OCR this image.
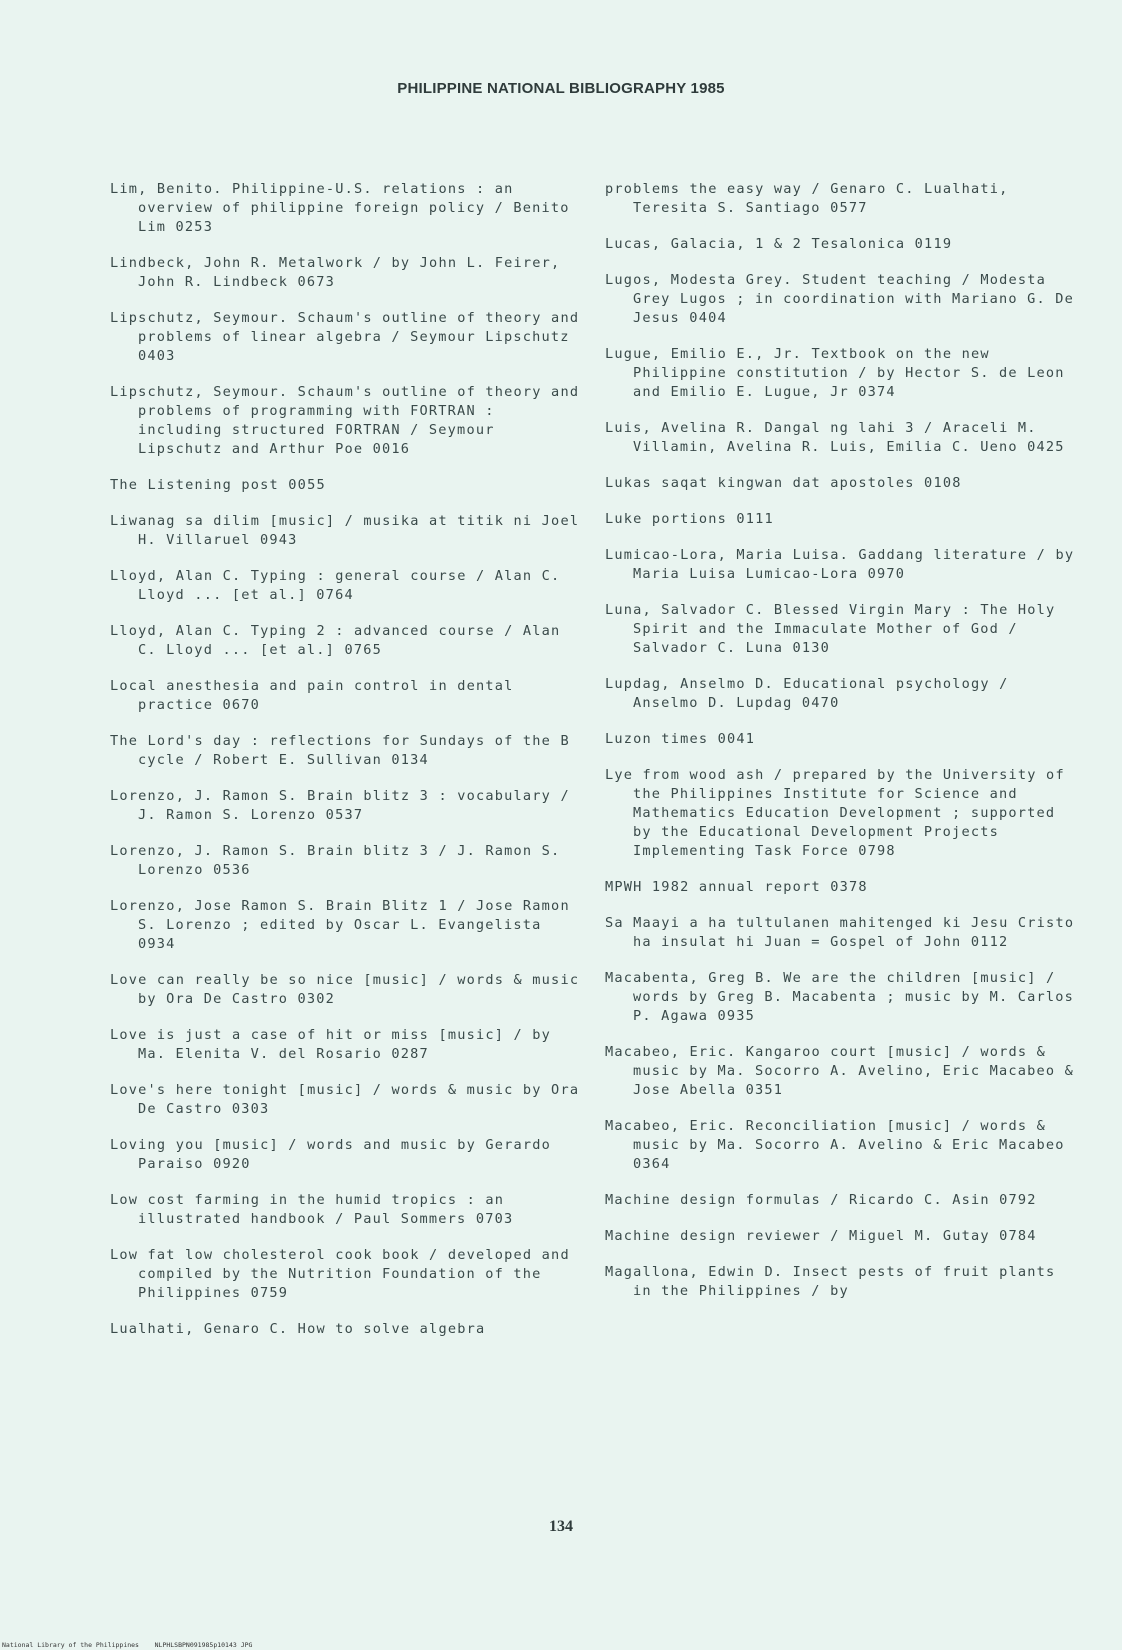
PHILIPPINE NATIONAL BIBLIOGRAPHY 1985
Lim, Benito. Philippine-U.S. relations : an overview of philippine foreign policy / Benito Lim 0253
Lindbeck, John R. Metalwork / by John L. Feirer, John R. Lindbeck 0673
Lipschutz, Seymour. Schaum's outline of theory and problems of linear algebra / Seymour Lipschutz 0403
Lipschutz, Seymour. Schaum's outline of theory and problems of programming with FORTRAN : including structured FORTRAN / Seymour Lipschutz and Arthur Poe 0016
The Listening post 0055
Liwanag sa dilim [music] / musika at titik ni Joel H. Villaruel 0943
Lloyd, Alan C. Typing : general course / Alan C. Lloyd ... [et al.] 0764
Lloyd, Alan C. Typing 2 : advanced course / Alan C. Lloyd ... [et al.] 0765
Local anesthesia and pain control in dental practice 0670
The Lord's day : reflections for Sundays of the B cycle / Robert E. Sullivan 0134
Lorenzo, J. Ramon S. Brain blitz 3 : vocabulary / J. Ramon S. Lorenzo 0537
Lorenzo, J. Ramon S. Brain blitz 3 / J. Ramon S. Lorenzo 0536
Lorenzo, Jose Ramon S. Brain Blitz 1 / Jose Ramon S. Lorenzo ; edited by Oscar L. Evangelista 0934
Love can really be so nice [music] / words & music by Ora De Castro 0302
Love is just a case of hit or miss [music] / by Ma. Elenita V. del Rosario 0287
Love's here tonight [music] / words & music by Ora De Castro 0303
Loving you [music] / words and music by Gerardo Paraiso 0920
Low cost farming in the humid tropics : an illustrated handbook / Paul Sommers 0703
Low fat low cholesterol cook book / developed and compiled by the Nutrition Foundation of the Philippines 0759
Lualhati, Genaro C. How to solve algebra
problems the easy way / Genaro C. Lualhati, Teresita S. Santiago 0577
Lucas, Galacia, 1 & 2 Tesalonica 0119
Lugos, Modesta Grey. Student teaching / Modesta Grey Lugos ; in coordination with Mariano G. De Jesus 0404
Lugue, Emilio E., Jr. Textbook on the new Philippine constitution / by Hector S. de Leon and Emilio E. Lugue, Jr 0374
Luis, Avelina R. Dangal ng lahi 3 / Araceli M. Villamin, Avelina R. Luis, Emilia C. Ueno 0425
Lukas saqat kingwan dat apostoles 0108
Luke portions 0111
Lumicao-Lora, Maria Luisa. Gaddang literature / by Maria Luisa Lumicao-Lora 0970
Luna, Salvador C. Blessed Virgin Mary : The Holy Spirit and the Immaculate Mother of God / Salvador C. Luna 0130
Lupdag, Anselmo D. Educational psychology / Anselmo D. Lupdag 0470
Luzon times 0041
Lye from wood ash / prepared by the University of the Philippines Institute for Science and Mathematics Education Development ; supported by the Educational Development Projects Implementing Task Force 0798
MPWH 1982 annual report 0378
Sa Maayi a ha tultulanen mahitenged ki Jesu Cristo ha insulat hi Juan = Gospel of John 0112
Macabenta, Greg B. We are the children [music] / words by Greg B. Macabenta ; music by M. Carlos P. Agawa 0935
Macabeo, Eric. Kangaroo court [music] / words & music by Ma. Socorro A. Avelino, Eric Macabeo & Jose Abella 0351
Macabeo, Eric. Reconciliation [music] / words & music by Ma. Socorro A. Avelino & Eric Macabeo 0364
Machine design formulas / Ricardo C. Asin 0792
Machine design reviewer / Miguel M. Gutay 0784
Magallona, Edwin D. Insect pests of fruit plants in the Philippines / by
134
National Library of the Philippines    NLPHLSBPN091985p10143 JPG
